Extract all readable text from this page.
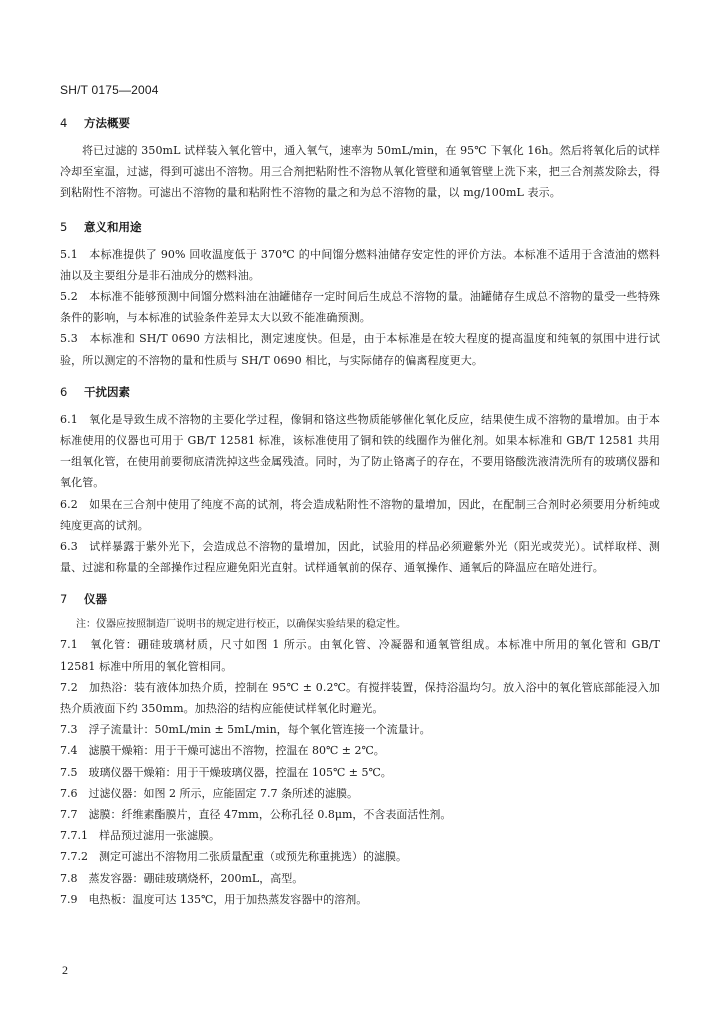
SH/T 0175—2004
4 方法概要
将已过滤的 350mL 试样装入氧化管中，通入氧气，速率为 50mL/min，在 95℃ 下氧化 16h。然后将氧化后的试样冷却至室温，过滤，得到可滤出不溶物。用三合剂把粘附性不溶物从氧化管壁和通氧管壁上洗下来，把三合剂蒸发除去，得到粘附性不溶物。可滤出不溶物的量和粘附性不溶物的量之和为总不溶物的量，以 mg/100mL 表示。
5 意义和用途
5.1　本标准提供了 90% 回收温度低于 370℃ 的中间馏分燃料油储存安定性的评价方法。本标准不适用于含渣油的燃料油以及主要组分是非石油成分的燃料油。
5.2　本标准不能够预测中间馏分燃料油在油罐储存一定时间后生成总不溶物的量。油罐储存生成总不溶物的量受一些特殊条件的影响，与本标准的试验条件差异太大以致不能准确预测。
5.3　本标准和 SH/T 0690 方法相比，测定速度快。但是，由于本标准是在较大程度的提高温度和纯氧的氛围中进行试验，所以测定的不溶物的量和性质与 SH/T 0690 相比，与实际储存的偏离程度更大。
6 干扰因素
6.1　氧化是导致生成不溶物的主要化学过程，像铜和铬这些物质能够催化氧化反应，结果使生成不溶物的量增加。由于本标准使用的仪器也可用于 GB/T 12581 标准，该标准使用了铜和铁的线圈作为催化剂。如果本标准和 GB/T 12581 共用一组氧化管，在使用前要彻底清洗掉这些金属残渣。同时，为了防止铬离子的存在，不要用铬酸洗液清洗所有的玻璃仪器和氧化管。
6.2　如果在三合剂中使用了纯度不高的试剂，将会造成粘附性不溶物的量增加，因此，在配制三合剂时必须要用分析纯或纯度更高的试剂。
6.3　试样暴露于紫外光下，会造成总不溶物的量增加，因此，试验用的样品必须避紫外光（阳光或荧光）。试样取样、测量、过滤和称量的全部操作过程应避免阳光直射。试样通氧前的保存、通氧操作、通氧后的降温应在暗处进行。
7 仪器
注：仪器应按照制造厂说明书的规定进行校正，以确保实验结果的稳定性。
7.1　氧化管：硼硅玻璃材质，尺寸如图 1 所示。由氧化管、冷凝器和通氧管组成。本标准中所用的氧化管和 GB/T 12581 标准中所用的氧化管相同。
7.2　加热浴：装有液体加热介质，控制在 95℃ ± 0.2℃。有搅拌装置，保持浴温均匀。放入浴中的氧化管底部能浸入加热介质液面下约 350mm。加热浴的结构应能使试样氧化时避光。
7.3　浮子流量计：50mL/min ± 5mL/min，每个氧化管连接一个流量计。
7.4　滤膜干燥箱：用于干燥可滤出不溶物，控温在 80℃ ± 2℃。
7.5　玻璃仪器干燥箱：用于干燥玻璃仪器，控温在 105℃ ± 5℃。
7.6　过滤仪器：如图 2 所示，应能固定 7.7 条所述的滤膜。
7.7　滤膜：纤维素酯膜片，直径 47mm，公称孔径 0.8μm，不含表面活性剂。
7.7.1　样品预过滤用一张滤膜。
7.7.2　测定可滤出不溶物用二张质量配重（或预先称重挑选）的滤膜。
7.8　蒸发容器：硼硅玻璃烧杯，200mL，高型。
7.9　电热板：温度可达 135℃，用于加热蒸发容器中的溶剂。
2
